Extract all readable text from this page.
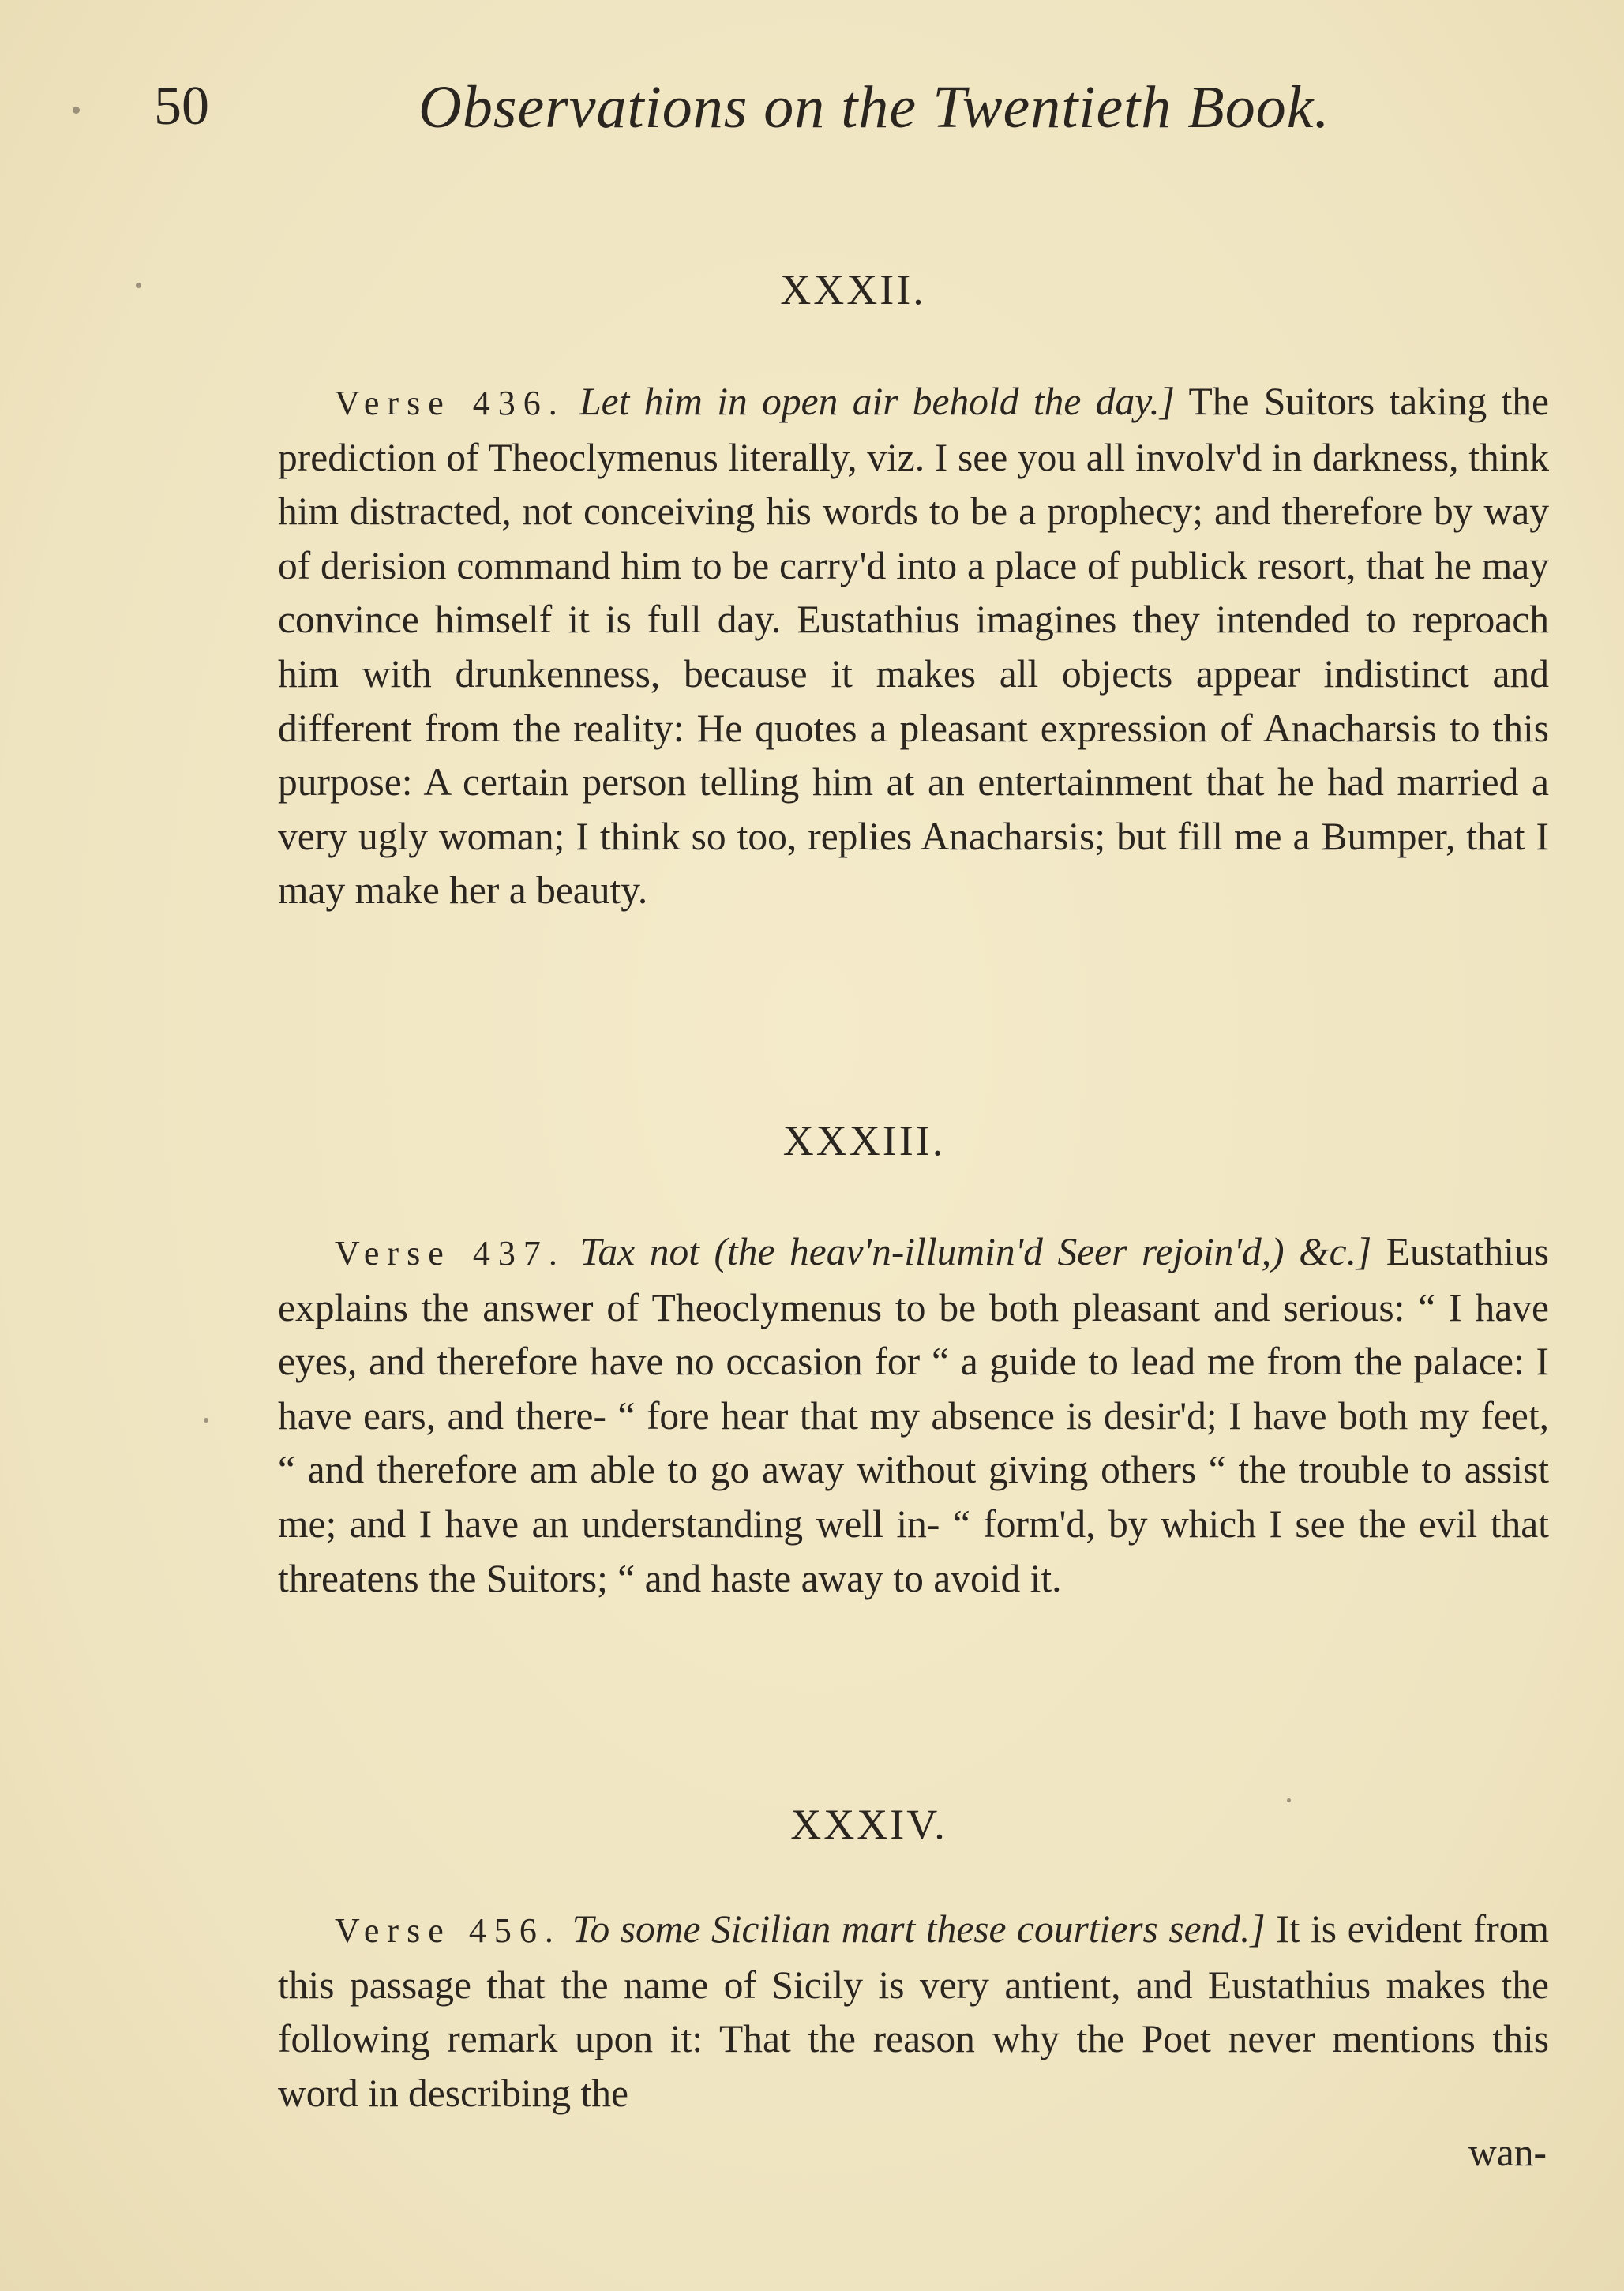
50	Observations on the Twentieth Book.
XXXII.
Verse 436. Let him in open air behold the day.] The Suitors taking the prediction of Theoclymenus literally, viz. I see you all involv'd in darkness, think him distracted, not conceiving his words to be a prophecy; and therefore by way of derision command him to be carry'd into a place of publick resort, that he may convince himself it is full day. Eustathius imagines they intended to reproach him with drunkenness, because it makes all objects appear indistinct and different from the reality: He quotes a pleasant expression of Anacharsis to this purpose: A certain person telling him at an entertainment that he had married a very ugly woman; I think so too, replies Anacharsis; but fill me a Bumper, that I may make her a beauty.
XXXIII.
Verse 437. Tax not (the heav'n-illumin'd Seer rejoin'd,) &c.] Eustathius explains the answer of Theoclymenus to be both pleasant and serious: “ I have eyes, and therefore have no occasion for “ a guide to lead me from the palace: I have ears, and there- “ fore hear that my absence is desir'd; I have both my feet, “ and therefore am able to go away without giving others “ the trouble to assist me; and I have an understanding well in- “ form'd, by which I see the evil that threatens the Suitors; “ and haste away to avoid it.
XXXIV.
Verse 456. To some Sicilian mart these courtiers send.] It is evident from this passage that the name of Sicily is very antient, and Eustathius makes the following remark upon it: That the reason why the Poet never mentions this word in describing the
wan-
